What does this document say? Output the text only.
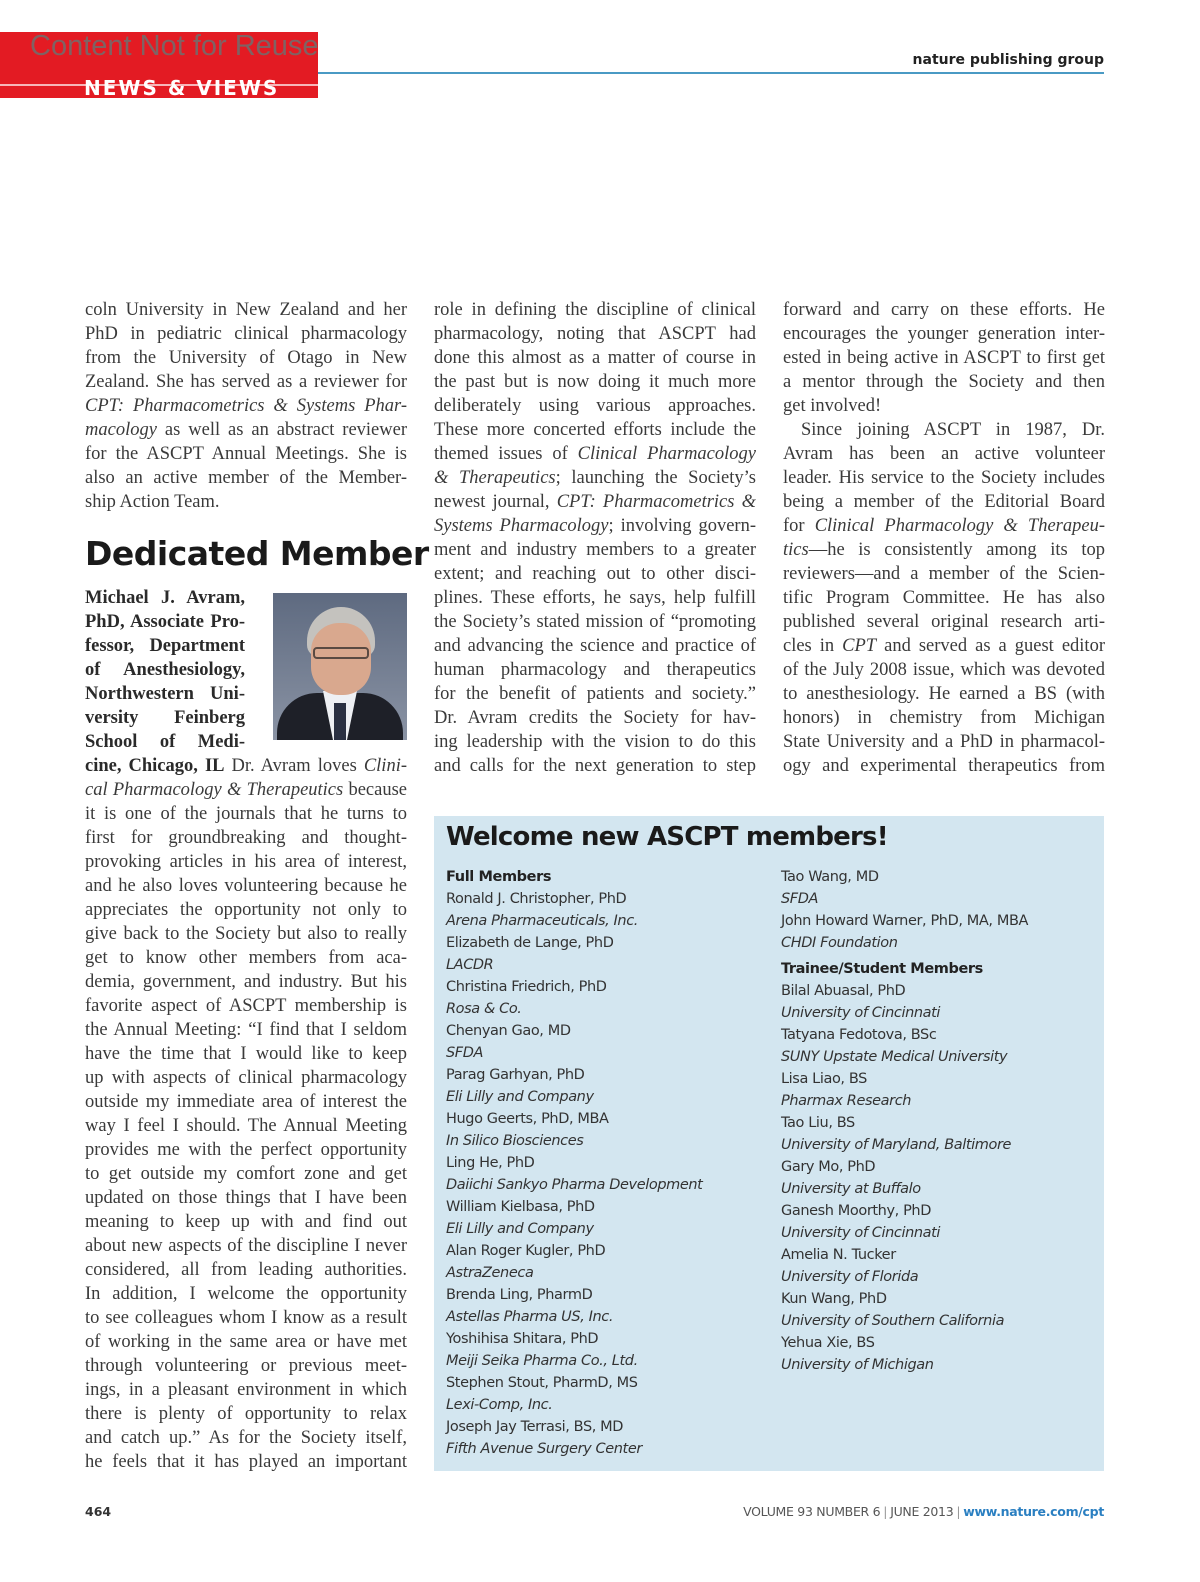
NEWS & VIEWS
Content Not for Reuse	nature publishing group
coln University in New Zealand and her
PhD in pediatric clinical pharmacology
from the University of Otago in New
Zealand. She has served as a reviewer for
CPT: Pharmacometrics & Systems Phar-
macology as well as an abstract reviewer
for the ASCPT Annual Meetings. She is
also an active member of the Member-
ship Action Team.
Dedicated Member
Michael J. Avram,
PhD, Associate Pro-
fessor, Department
of Anesthesiology,
Northwestern Uni-
versity Feinberg
School of Medi-
cine, Chicago, IL Dr. Avram loves Clini-
cal Pharmacology & Therapeutics because
it is one of the journals that he turns to
first for groundbreaking and thought-
provoking articles in his area of interest,
and he also loves volunteering because he
appreciates the opportunity not only to
give back to the Society but also to really
get to know other members from aca-
demia, government, and industry. But his
favorite aspect of ASCPT membership is
the Annual Meeting: “I find that I seldom
have the time that I would like to keep
up with aspects of clinical pharmacology
outside my immediate area of interest the
way I feel I should. The Annual Meeting
provides me with the perfect opportunity
to get outside my comfort zone and get
updated on those things that I have been
meaning to keep up with and find out
about new aspects of the discipline I never
considered, all from leading authorities.
In addition, I welcome the opportunity
to see colleagues whom I know as a result
of working in the same area or have met
through volunteering or previous meet-
ings, in a pleasant environment in which
there is plenty of opportunity to relax
and catch up.” As for the Society itself,
he feels that it has played an important
role in defining the discipline of clinical
pharmacology, noting that ASCPT had
done this almost as a matter of course in
the past but is now doing it much more
deliberately using various approaches.
These more concerted efforts include the
themed issues of Clinical Pharmacology
& Therapeutics; launching the Society’s
newest journal, CPT: Pharmacometrics &
Systems Pharmacology; involving govern-
ment and industry members to a greater
extent; and reaching out to other disci-
plines. These efforts, he says, help fulfill
the Society’s stated mission of “promoting
and advancing the science and practice of
human pharmacology and therapeutics
for the benefit of patients and society.”
Dr. Avram credits the Society for hav-
ing leadership with the vision to do this
and calls for the next generation to step
forward and carry on these efforts. He
encourages the younger generation inter-
ested in being active in ASCPT to first get
a mentor through the Society and then
get involved!
Since joining ASCPT in 1987, Dr.
Avram has been an active volunteer
leader. His service to the Society includes
being a member of the Editorial Board
for Clinical Pharmacology & Therapeu-
tics—he is consistently among its top
reviewers—and a member of the Scien-
tific Program Committee. He has also
published several original research arti-
cles in CPT and served as a guest editor
of the July 2008 issue, which was devoted
to anesthesiology. He earned a BS (with
honors) in chemistry from Michigan
State University and a PhD in pharmacol-
ogy and experimental therapeutics from
Welcome new ASCPT members!
Full Members
Ronald J. Christopher, PhD
Arena Pharmaceuticals, Inc.
Elizabeth de Lange, PhD
LACDR
Christina Friedrich, PhD
Rosa & Co.
Chenyan Gao, MD
SFDA
Parag Garhyan, PhD
Eli Lilly and Company
Hugo Geerts, PhD, MBA
In Silico Biosciences
Ling He, PhD
Daiichi Sankyo Pharma Development
William Kielbasa, PhD
Eli Lilly and Company
Alan Roger Kugler, PhD
AstraZeneca
Brenda Ling, PharmD
Astellas Pharma US, Inc.
Yoshihisa Shitara, PhD
Meiji Seika Pharma Co., Ltd.
Stephen Stout, PharmD, MS
Lexi-Comp, Inc.
Joseph Jay Terrasi, BS, MD
Fifth Avenue Surgery Center
Tao Wang, MD
SFDA
John Howard Warner, PhD, MA, MBA
CHDI Foundation
Trainee/Student Members
Bilal Abuasal, PhD
University of Cincinnati
Tatyana Fedotova, BSc
SUNY Upstate Medical University
Lisa Liao, BS
Pharmax Research
Tao Liu, BS
University of Maryland, Baltimore
Gary Mo, PhD
University at Buffalo
Ganesh Moorthy, PhD
University of Cincinnati
Amelia N. Tucker
University of Florida
Kun Wang, PhD
University of Southern California
Yehua Xie, BS
University of Michigan
464	VOLUME 93 NUMBER 6 | JUNE 2013 | www.nature.com/cpt
